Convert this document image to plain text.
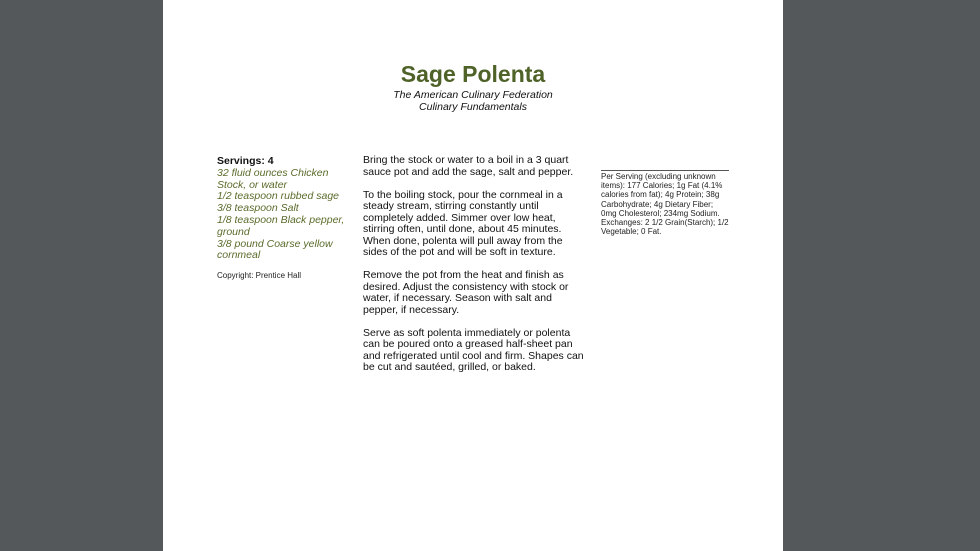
Sage Polenta
The American Culinary Federation
Culinary Fundamentals
Servings: 4
32 fluid ounces Chicken Stock, or water
1/2 teaspoon rubbed sage
3/8 teaspoon Salt
1/8 teaspoon Black pepper, ground
3/8 pound Coarse yellow cornmeal
Copyright: Prentice Hall

Bring the stock or water to a boil in a 3 quart sauce pot and add the sage, salt and pepper.

To the boiling stock, pour the cornmeal in a steady stream, stirring constantly until completely added. Simmer over low heat, stirring often, until done, about 45 minutes. When done, polenta will pull away from the sides of the pot and will be soft in texture.

Remove the pot from the heat and finish as desired. Adjust the consistency with stock or water, if necessary. Season with salt and pepper, if necessary.

Serve as soft polenta immediately or polenta can be poured onto a greased half-sheet pan and refrigerated until cool and firm. Shapes can be cut and sautéed, grilled, or baked.

Per Serving (excluding unknown items): 177 Calories; 1g Fat (4.1% calories from fat); 4g Protein; 38g Carbohydrate; 4g Dietary Fiber; 0mg Cholesterol; 234mg Sodium. Exchanges: 2 1/2 Grain(Starch); 1/2 Vegetable; 0 Fat.
